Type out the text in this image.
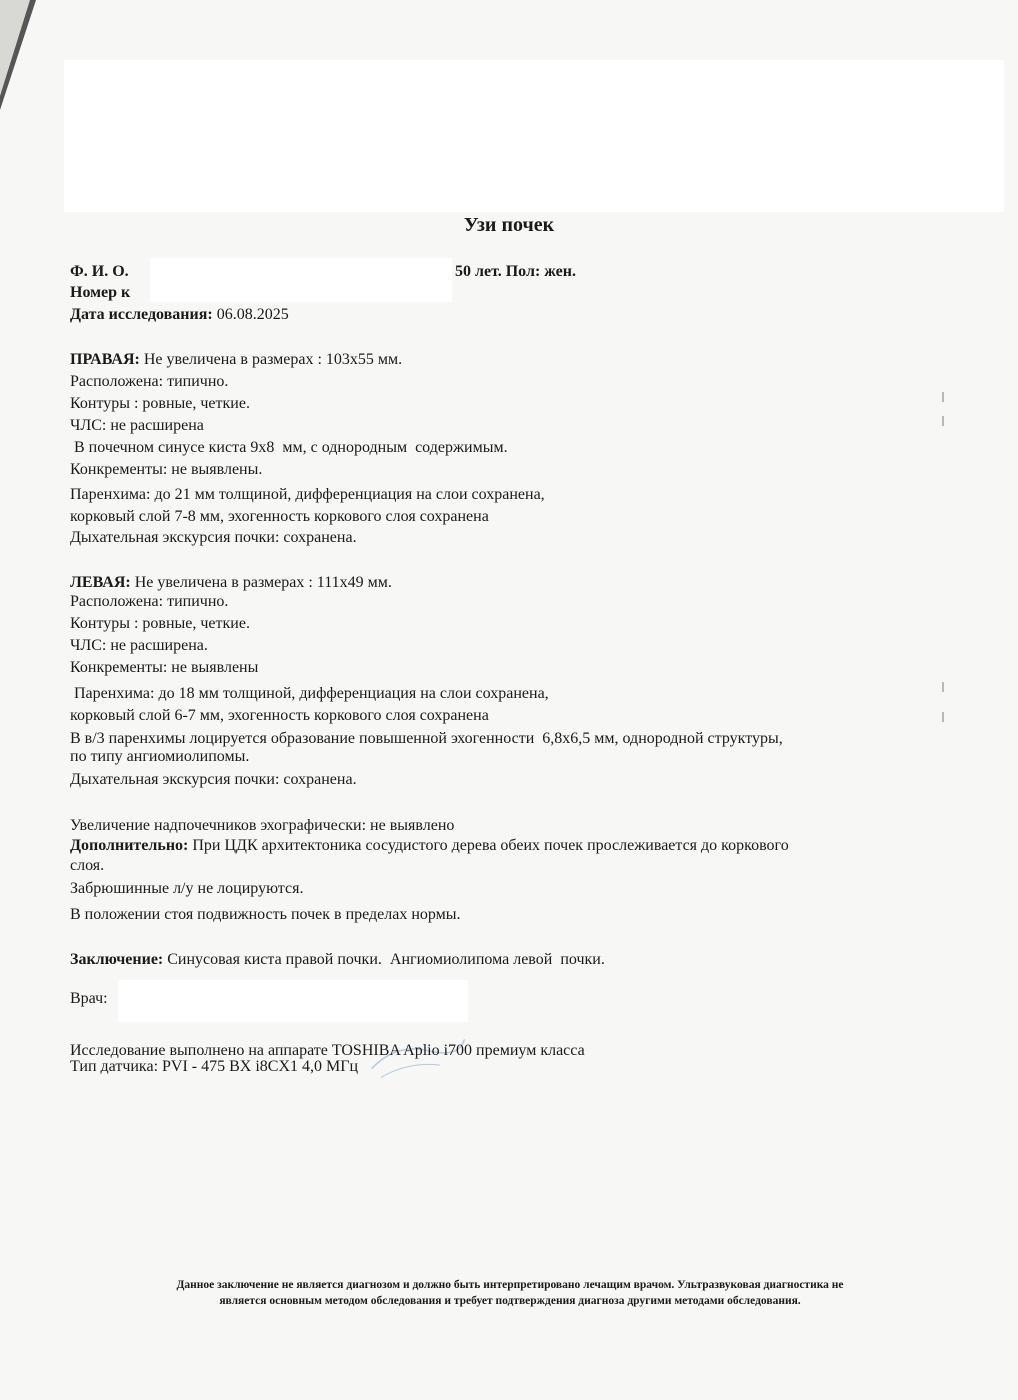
Узи почек
Ф. И. О.	50 лет. Пол: жен.
Номер к
Дата исследования: 06.08.2025
ПРАВАЯ: Не увеличена в размерах : 103х55 мм.
Расположена: типично.
Контуры : ровные, четкие.
ЧЛС: не расширена
В почечном синусе киста 9х8  мм, с однородным  содержимым.
Конкременты: не выявлены.
Паренхима: до 21 мм толщиной, дифференциация на слои сохранена,
корковый слой 7-8 мм, эхогенность коркового слоя сохранена
Дыхательная экскурсия почки: сохранена.
ЛЕВАЯ: Не увеличена в размерах : 111х49 мм.
Расположена: типично.
Контуры : ровные, четкие.
ЧЛС: не расширена.
Конкременты: не выявлены
Паренхима: до 18 мм толщиной, дифференциация на слои сохранена,
корковый слой 6-7 мм, эхогенность коркового слоя сохранена
В в/3 паренхимы лоцируется образование повышенной эхогенности  6,8х6,5 мм, однородной структуры,
по типу ангиомиолипомы.
Дыхательная экскурсия почки: сохранена.
Увеличение надпочечников эхографически: не выявлено
Дополнительно: При ЦДК архитектоника сосудистого дерева обеих почек прослеживается до коркового
слоя.
Забрюшинные л/у не лоцируются.
В положении стоя подвижность почек в пределах нормы.
Заключение: Синусовая киста правой почки.  Ангиомиолипома левой  почки.
Врач:
Исследование выполнено на аппарате TOSHIBA Aplio i700 премиум класса
Тип датчика: PVI - 475 BX i8CX1 4,0 MГц
Данное заключение не является диагнозом и должно быть интерпретировано лечащим врачом. Ультразвуковая диагностика не
является основным методом обследования и требует подтверждения диагноза другими методами обследования.
